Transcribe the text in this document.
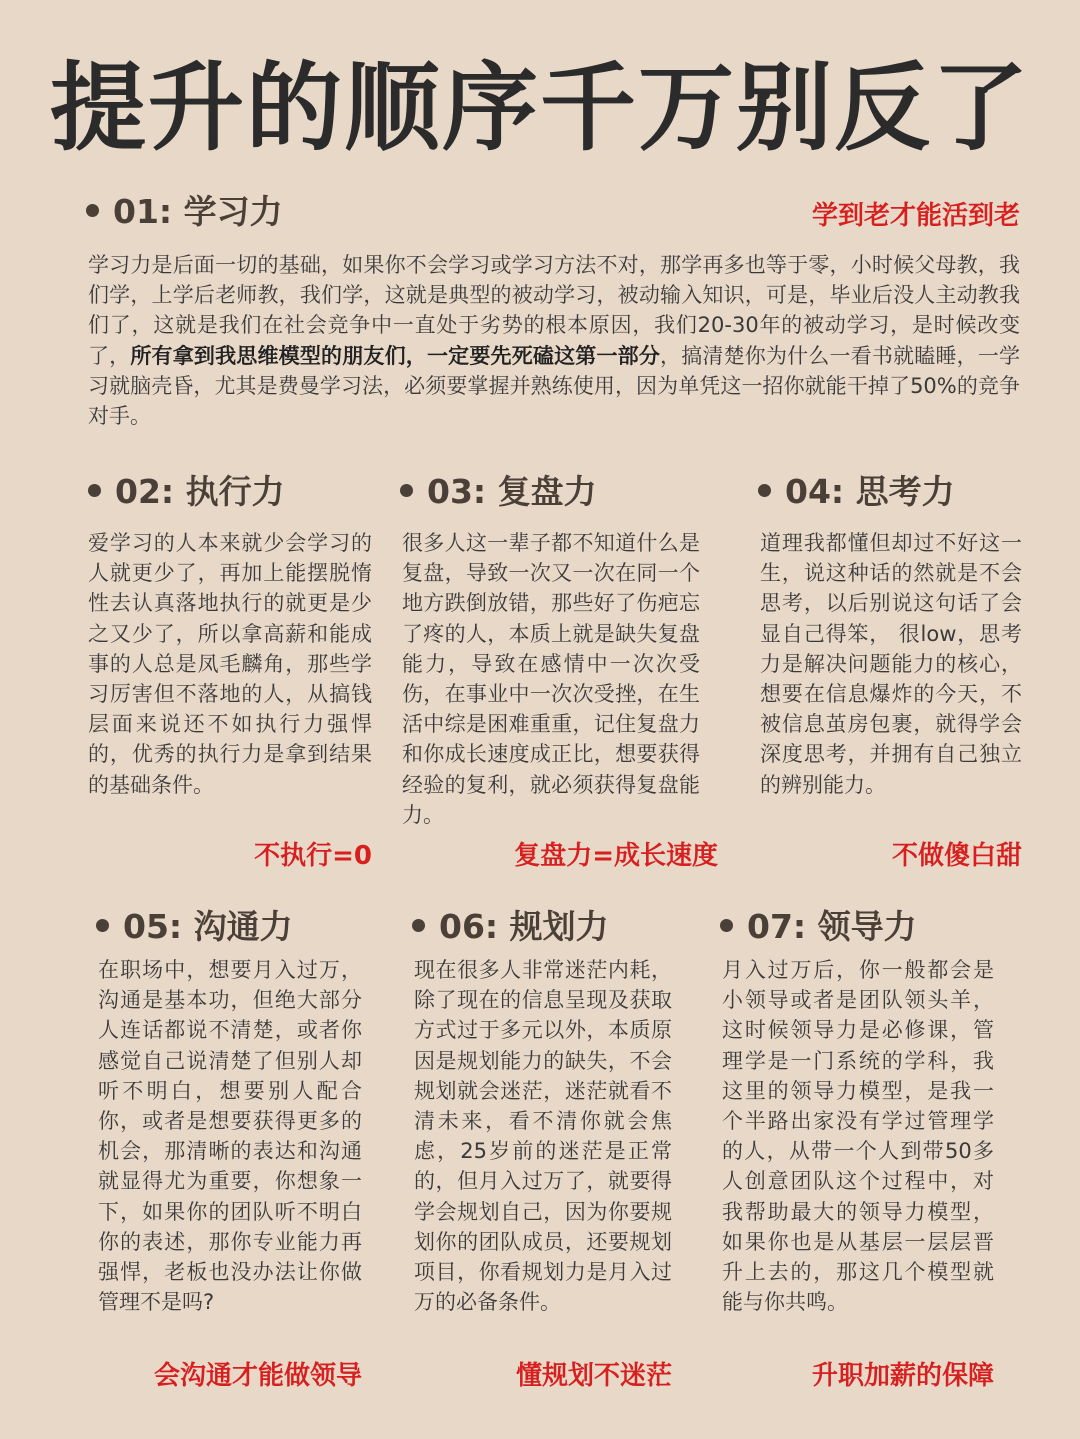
提升的顺序千万别反了
01: 学习力	学到老才能活到老
学习力是后面一切的基础，如果你不会学习或学习方法不对，那学再多也等于零，小时候父母教，我们学，上学后老师教，我们学，这就是典型的被动学习，被动输入知识，可是，毕业后没人主动教我们了，这就是我们在社会竞争中一直处于劣势的根本原因，我们20-30年的被动学习，是时候改变了，所有拿到我思维模型的朋友们，一定要先死磕这第一部分，搞清楚你为什么一看书就瞌睡，一学习就脑壳昏，尤其是费曼学习法，必须要掌握并熟练使用，因为单凭这一招你就能干掉了50%的竞争对手。
02: 执行力
爱学习的人本来就少会学习的人就更少了，再加上能摆脱惰性去认真落地执行的就更是少之又少了，所以拿高薪和能成事的人总是凤毛麟角，那些学习厉害但不落地的人，从搞钱层面来说还不如执行力强悍的，优秀的执行力是拿到结果的基础条件。
不执行=0
03: 复盘力
很多人这一辈子都不知道什么是复盘，导致一次又一次在同一个地方跌倒放错，那些好了伤疤忘了疼的人，本质上就是缺失复盘能力，导致在感情中一次次受伤，在事业中一次次受挫，在生活中综是困难重重，记住复盘力和你成长速度成正比，想要获得经验的复利，就必须获得复盘能力。
复盘力=成长速度
04: 思考力
道理我都懂但却过不好这一生，说这种话的然就是不会思考，以后别说这句话了会显自己得笨， 很low，思考力是解决问题能力的核心，想要在信息爆炸的今天，不被信息茧房包裹，就得学会深度思考，并拥有自己独立的辨别能力。
不做傻白甜
05: 沟通力
在职场中，想要月入过万，沟通是基本功，但绝大部分人连话都说不清楚，或者你感觉自己说清楚了但别人却听不明白，想要别人配合你，或者是想要获得更多的机会，那清晰的表达和沟通就显得尤为重要，你想象一下，如果你的团队听不明白你的表述，那你专业能力再强悍，老板也没办法让你做管理不是吗?
会沟通才能做领导
06: 规划力
现在很多人非常迷茫内耗，除了现在的信息呈现及获取方式过于多元以外，本质原因是规划能力的缺失，不会规划就会迷茫，迷茫就看不清未来，看不清你就会焦虑，25岁前的迷茫是正常的，但月入过万了，就要得学会规划自己，因为你要规划你的团队成员，还要规划项目，你看规划力是月入过万的必备条件。
懂规划不迷茫
07: 领导力
月入过万后，你一般都会是小领导或者是团队领头羊，这时候领导力是必修课，管理学是一门系统的学科，我这里的领导力模型，是我一个半路出家没有学过管理学的人，从带一个人到带50多人创意团队这个过程中，对我帮助最大的领导力模型，如果你也是从基层一层层晋升上去的，那这几个模型就能与你共鸣。
升职加薪的保障
